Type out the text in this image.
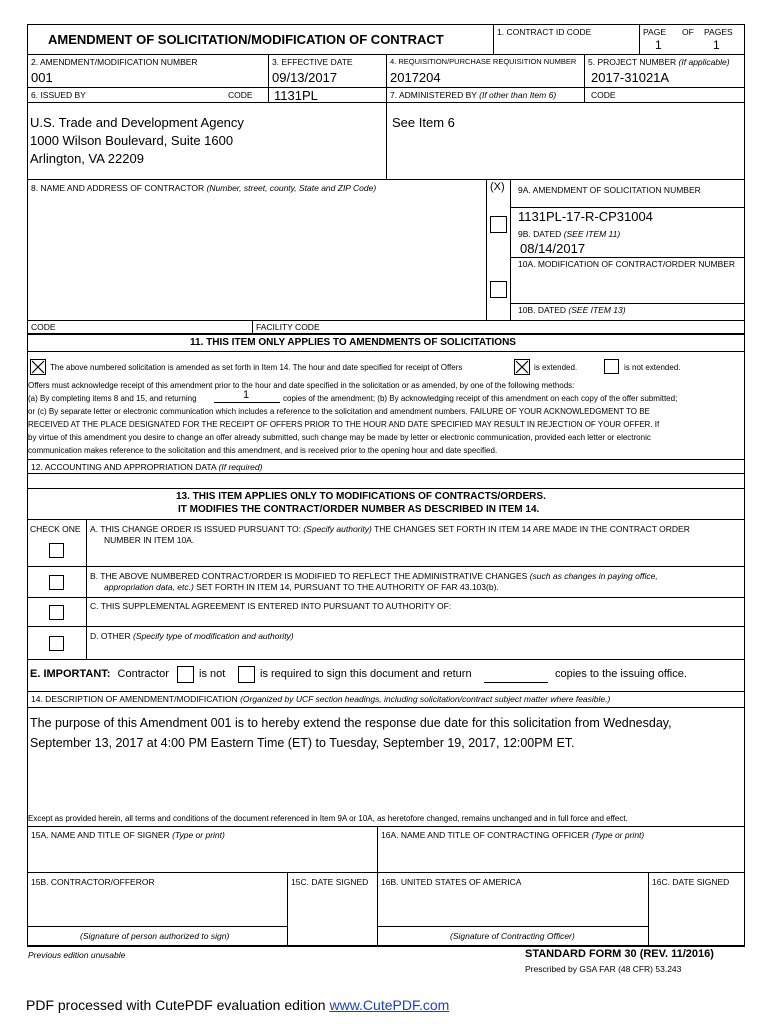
AMENDMENT OF SOLICITATION/MODIFICATION OF CONTRACT	1. CONTRACT ID CODE	PAGE OF PAGES
1	1
2. AMENDMENT/MODIFICATION NUMBER
001
3. EFFECTIVE DATE
09/13/2017
4. REQUISITION/PURCHASE REQUISITION NUMBER
2017204
5. PROJECT NUMBER (If applicable)
2017-31021A
6. ISSUED BY	CODE 1131PL	7. ADMINISTERED BY (If other than Item 6)	CODE
U.S. Trade and Development Agency
1000 Wilson Boulevard, Suite 1600
Arlington, VA 22209
See Item 6
8. NAME AND ADDRESS OF CONTRACTOR (Number, street, county, State and ZIP Code)	(X) 9A. AMENDMENT OF SOLICITATION NUMBER
1131PL-17-R-CP31004
9B. DATED (SEE ITEM 11)
08/14/2017
10A. MODIFICATION OF CONTRACT/ORDER NUMBER
10B. DATED (SEE ITEM 13)
CODE	FACILITY CODE
11. THIS ITEM ONLY APPLIES TO AMENDMENTS OF SOLICITATIONS
The above numbered solicitation is amended as set forth in Item 14. The hour and date specified for receipt of Offers	is extended.	is not extended.
Offers must acknowledge receipt of this amendment prior to the hour and date specified in the solicitation or as amended, by one of the following methods:
(a) By completing items 8 and 15, and returning	1	copies of the amendment; (b) By acknowledging receipt of this amendment on each copy of the offer submitted;
or (c) By separate letter or electronic communication which includes a reference to the solicitation and amendment numbers. FAILURE OF YOUR ACKNOWLEDGMENT TO BE
RECEIVED AT THE PLACE DESIGNATED FOR THE RECEIPT OF OFFERS PRIOR TO THE HOUR AND DATE SPECIFIED MAY RESULT IN REJECTION OF YOUR OFFER. If
by virtue of this amendment you desire to change an offer already submitted, such change may be made by letter or electronic communication, provided each letter or electronic
communication makes reference to the solicitation and this amendment, and is received prior to the opening hour and date specified.
12. ACCOUNTING AND APPROPRIATION DATA (If required)
13. THIS ITEM APPLIES ONLY TO MODIFICATIONS OF CONTRACTS/ORDERS.
IT MODIFIES THE CONTRACT/ORDER NUMBER AS DESCRIBED IN ITEM 14.
CHECK ONE A. THIS CHANGE ORDER IS ISSUED PURSUANT TO: (Specify authority) THE CHANGES SET FORTH IN ITEM 14 ARE MADE IN THE CONTRACT ORDER
NUMBER IN ITEM 10A.
B. THE ABOVE NUMBERED CONTRACT/ORDER IS MODIFIED TO REFLECT THE ADMINISTRATIVE CHANGES (such as changes in paying office,
appropriation data, etc.) SET FORTH IN ITEM 14, PURSUANT TO THE AUTHORITY OF FAR 43.103(b).
C. THIS SUPPLEMENTAL AGREEMENT IS ENTERED INTO PURSUANT TO AUTHORITY OF:
D. OTHER (Specify type of modification and authority)
E. IMPORTANT: Contractor	is not	is required to sign this document and return	copies to the issuing office.
14. DESCRIPTION OF AMENDMENT/MODIFICATION (Organized by UCF section headings, including solicitation/contract subject matter where feasible.)
The purpose of this Amendment 001 is to hereby extend the response due date for this solicitation from Wednesday,
September 13, 2017 at 4:00 PM Eastern Time (ET) to Tuesday, September 19, 2017, 12:00PM ET.
Except as provided herein, all terms and conditions of the document referenced in Item 9A or 10A, as heretofore changed, remains unchanged and in full force and effect.
15A. NAME AND TITLE OF SIGNER (Type or print)	16A. NAME AND TITLE OF CONTRACTING OFFICER (Type or print)
15B. CONTRACTOR/OFFEROR	15C. DATE SIGNED 16B. UNITED STATES OF AMERICA	16C. DATE SIGNED
(Signature of person authorized to sign)	(Signature of Contracting Officer)
Previous edition unusable	STANDARD FORM 30 (REV. 11/2016)
Prescribed by GSA FAR (48 CFR) 53.243
PDF processed with CutePDF evaluation edition www.CutePDF.com
